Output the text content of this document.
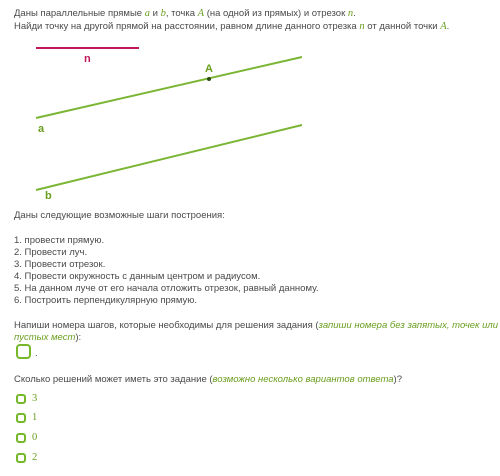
Даны параллельные прямые a и b, точка A (на одной из прямых) и отрезок n.
Найди точку на другой прямой на расстоянии, равном длине данного отрезка n от данной точки A.
n
a
A
b
Даны следующие возможные шаги построения:
1. провести прямую.
2. Провести луч.
3. Провести отрезок.
4. Провести окружность с данным центром и радиусом.
5. На данном луче от его начала отложить отрезок, равный данному.
6. Построить перпендикулярную прямую.
Напиши номера шагов, которые необходимы для решения задания (запиши номера без запятых, точек или
пустых мест):
.
Сколько решений может иметь это задание (возможно несколько вариантов ответа)?
3
1
0
2
